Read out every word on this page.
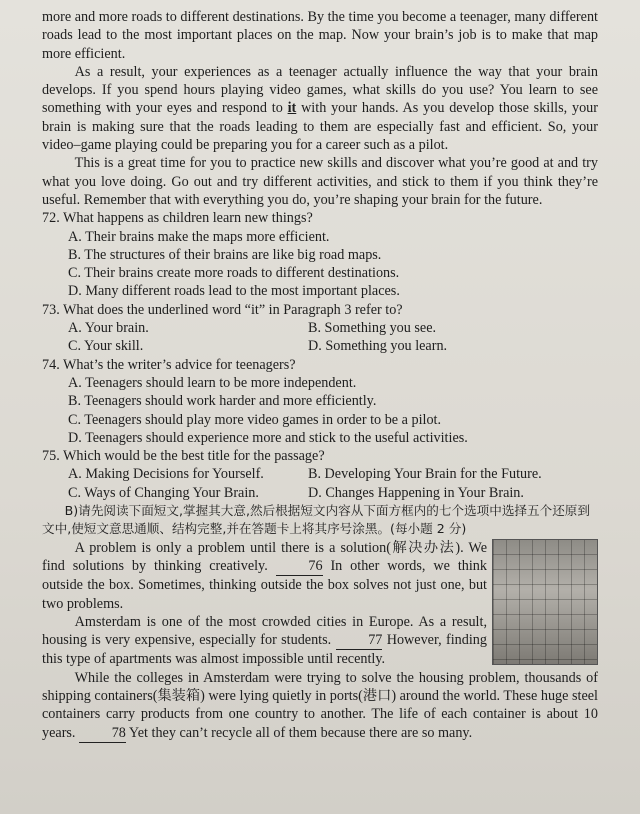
more and more roads to different destinations. By the time you become a teenager, many different roads lead to the most important places on the map. Now your brain’s job is to make that map more efficient.

As a result, your experiences as a teenager actually influence the way that your brain develops. If you spend hours playing video games, what skills do you use? You learn to see something with your eyes and respond to it with your hands. As you develop those skills, your brain is making sure that the roads leading to them are especially fast and efficient. So, your video–game playing could be preparing you for a career such as a pilot.

This is a great time for you to practice new skills and discover what you’re good at and try what you love doing. Go out and try different activities, and stick to them if you think they’re useful. Remember that with everything you do, you’re shaping your brain for the future.

72. What happens as children learn new things?

A. Their brains make the maps more efficient.

B. The structures of their brains are like big road maps.

C. Their brains create more roads to different destinations.

D. Many different roads lead to the most important places.

73. What does the underlined word “it” in Paragraph 3 refer to?

A. Your brain.	B. Something you see.
C. Your skill.	D. Something you learn.

74. What’s the writer’s advice for teenagers?

A. Teenagers should learn to be more independent.

B. Teenagers should work harder and more efficiently.

C. Teenagers should play more video games in order to be a pilot.

D. Teenagers should experience more and stick to the useful activities.

75. Which would be the best title for the passage?

A. Making Decisions for Yourself.	B. Developing Your Brain for the Future.
C. Ways of Changing Your Brain.	D. Changes Happening in Your Brain.

B)请先阅读下面短文,掌握其大意,然后根据短文内容从下面方框内的七个选项中选择五个还原到文中,使短文意思通顺、结构完整,并在答题卡上将其序号涂黑。(每小题 2 分)

A problem is only a problem until there is a solution(解决办法). We find solutions by thinking creatively. 76 In other words, we think outside the box. Sometimes, thinking outside the box solves not just one, but two problems.

Amsterdam is one of the most crowded cities in Europe. As a result, housing is very expensive, especially for students. 77 However, finding this type of apartments was almost impossible until recently.

While the colleges in Amsterdam were trying to solve the housing problem, thousands of shipping containers(集装箱) were lying quietly in ports(港口) around the world. These huge steel containers carry products from one country to another. The life of each container is about 10 years. 78 Yet they can’t recycle all of them because there are so many.
